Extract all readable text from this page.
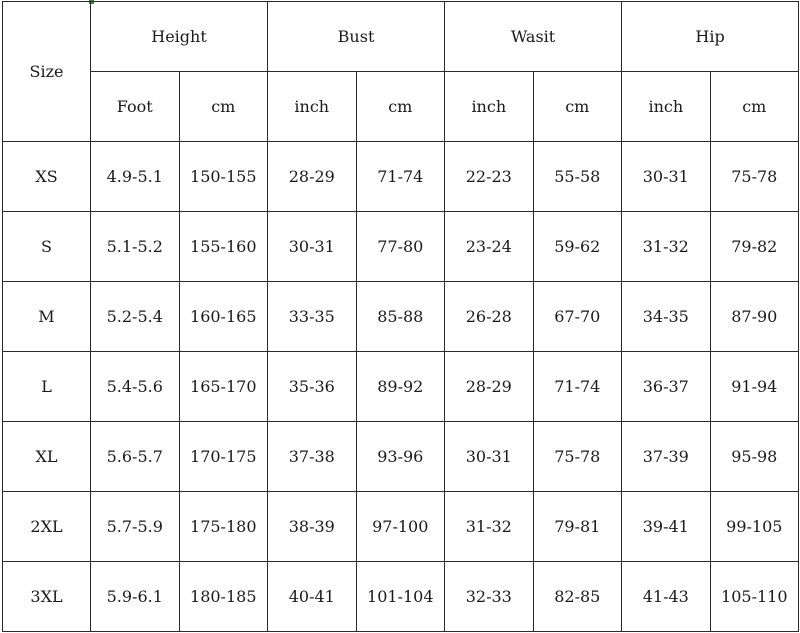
Size	Height		Bust		Wasit		Hip	
	Foot	cm	inch	cm	inch	cm	inch	cm
XS	4.9-5.1	150-155	28-29	71-74	22-23	55-58	30-31	75-78
S	5.1-5.2	155-160	30-31	77-80	23-24	59-62	31-32	79-82
M	5.2-5.4	160-165	33-35	85-88	26-28	67-70	34-35	87-90
L	5.4-5.6	165-170	35-36	89-92	28-29	71-74	36-37	91-94
XL	5.6-5.7	170-175	37-38	93-96	30-31	75-78	37-39	95-98
2XL	5.7-5.9	175-180	38-39	97-100	31-32	79-81	39-41	99-105
3XL	5.9-6.1	180-185	40-41	101-104	32-33	82-85	41-43	105-110
